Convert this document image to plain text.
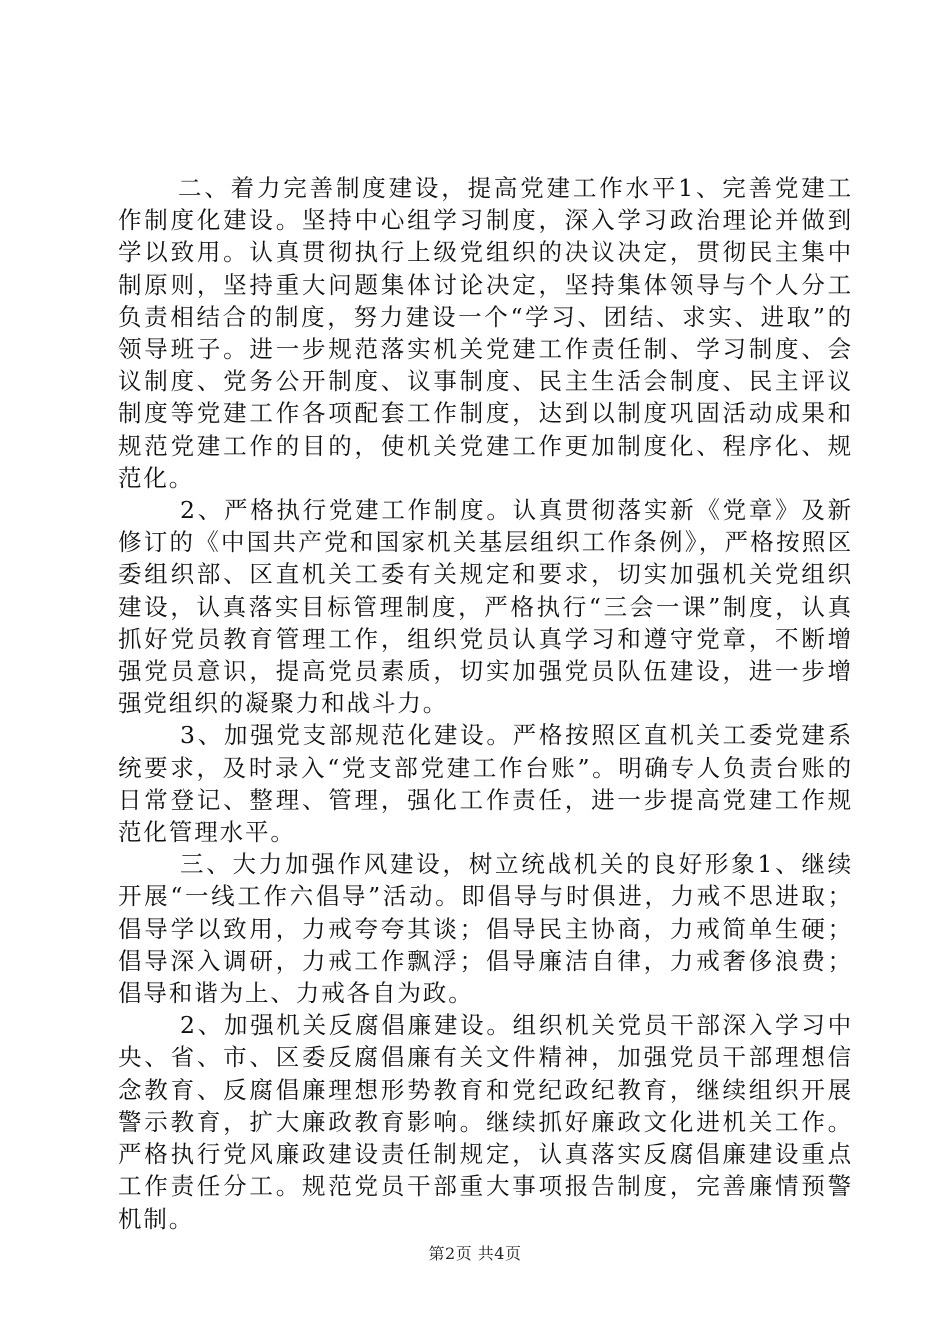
二、着力完善制度建设，提高党建工作水平1、完善党建工作制度化建设。坚持中心组学习制度，深入学习政治理论并做到学以致用。认真贯彻执行上级党组织的决议决定，贯彻民主集中制原则，坚持重大问题集体讨论决定，坚持集体领导与个人分工负责相结合的制度，努力建设一个“学习、团结、求实、进取”的领导班子。进一步规范落实机关党建工作责任制、学习制度、会议制度、党务公开制度、议事制度、民主生活会制度、民主评议制度等党建工作各项配套工作制度，达到以制度巩固活动成果和规范党建工作的目的，使机关党建工作更加制度化、程序化、规范化。

2、严格执行党建工作制度。认真贯彻落实新《党章》及新修订的《中国共产党和国家机关基层组织工作条例》，严格按照区委组织部、区直机关工委有关规定和要求，切实加强机关党组织建设，认真落实目标管理制度，严格执行“三会一课”制度，认真抓好党员教育管理工作，组织党员认真学习和遵守党章，不断增强党员意识，提高党员素质，切实加强党员队伍建设，进一步增强党组织的凝聚力和战斗力。

3、加强党支部规范化建设。严格按照区直机关工委党建系统要求，及时录入“党支部党建工作台账”。明确专人负责台账的日常登记、整理、管理，强化工作责任，进一步提高党建工作规范化管理水平。

三、大力加强作风建设，树立统战机关的良好形象1、继续开展“一线工作六倡导”活动。即倡导与时俱进，力戒不思进取；倡导学以致用，力戒夸夸其谈；倡导民主协商，力戒简单生硬；倡导深入调研，力戒工作飘浮；倡导廉洁自律，力戒奢侈浪费；倡导和谐为上、力戒各自为政。

2、加强机关反腐倡廉建设。组织机关党员干部深入学习中央、省、市、区委反腐倡廉有关文件精神，加强党员干部理想信念教育、反腐倡廉理想形势教育和党纪政纪教育，继续组织开展警示教育，扩大廉政教育影响。继续抓好廉政文化进机关工作。严格执行党风廉政建设责任制规定，认真落实反腐倡廉建设重点工作责任分工。规范党员干部重大事项报告制度，完善廉情预警机制。

第2页 共4页
